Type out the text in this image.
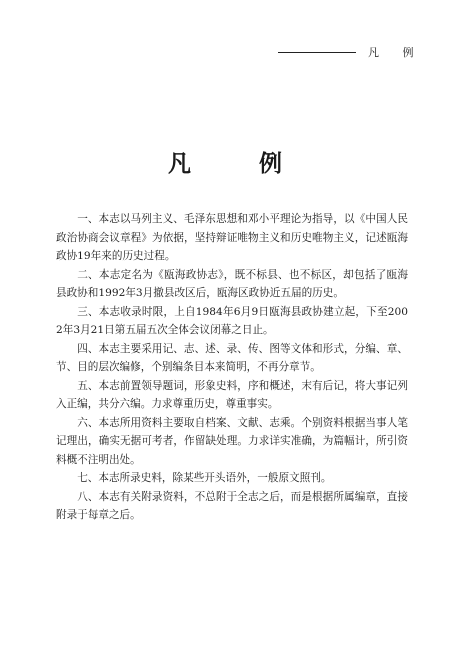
凡 例
凡 例

一、本志以马列主义、毛泽东思想和邓小平理论为指导，以《中国人民政治协商会议章程》为依据，坚持辩证唯物主义和历史唯物主义，记述瓯海政协19年来的历史过程。

二、本志定名为《瓯海政协志》，既不标县、也不标区，却包括了瓯海县政协和1992年3月撤县改区后，瓯海区政协近五届的历史。

三、本志收录时限，上自1984年6月9日瓯海县政协建立起，下至2002年3月21日第五届五次全体会议闭幕之日止。

四、本志主要采用记、志、述、录、传、图等文体和形式，分编、章、节、目的层次编修，个别编条目本来简明，不再分章节。

五、本志前置领导题词，形象史料，序和概述，末有后记，将大事记列入正编，共分六编。力求尊重历史，尊重事实。

六、本志所用资料主要取自档案、文献、志乘。个别资料根据当事人笔记理出，确实无据可考者，作留缺处理。力求详实准确，为篇幅计，所引资料概不注明出处。

七、本志所录史料，除某些开头语外，一般原文照刊。

八、本志有关附录资料，不总附于全志之后，而是根据所属编章，直接附录于每章之后。
